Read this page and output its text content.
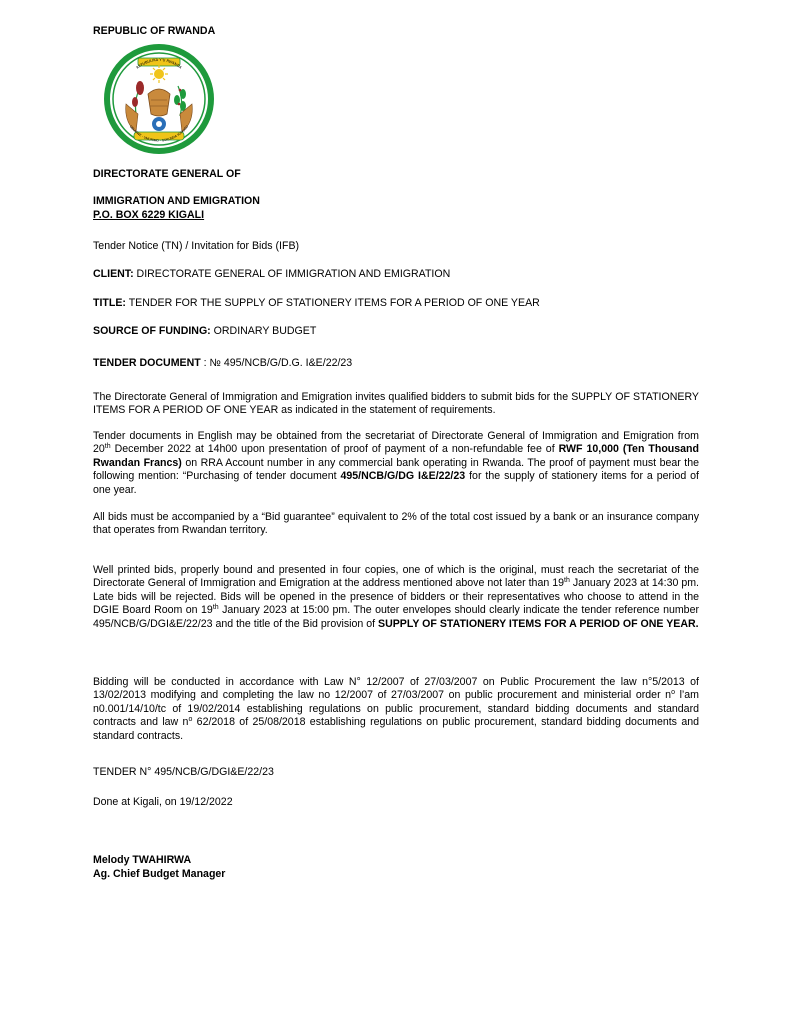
REPUBLIC OF RWANDA
REPUBULIKA Y'U RWANDA
UBUMWE - UMURIMO - GUKUNDA IGIHUGU
DIRECTORATE GENERAL OF
IMMIGRATION AND EMIGRATION
P.O. BOX 6229 KIGALI
Tender Notice (TN) / Invitation for Bids (IFB)
CLIENT: DIRECTORATE GENERAL OF IMMIGRATION AND EMIGRATION
TITLE: TENDER FOR THE SUPPLY OF STATIONERY ITEMS FOR A PERIOD OF ONE YEAR
SOURCE OF FUNDING: ORDINARY BUDGET
TENDER DOCUMENT : № 495/NCB/G/D.G. I&E/22/23
The Directorate General of Immigration and Emigration invites qualified bidders to submit bids for the SUPPLY OF STATIONERY ITEMS FOR A PERIOD OF ONE YEAR as indicated in the statement of requirements.
Tender documents in English may be obtained from the secretariat of Directorate General of Immigration and Emigration from 20th December 2022 at 14h00 upon presentation of proof of payment of a non-refundable fee of RWF 10,000 (Ten Thousand Rwandan Francs) on RRA Account number in any commercial bank operating in Rwanda. The proof of payment must bear the following mention: “Purchasing of tender document 495/NCB/G/DG I&E/22/23 for the supply of stationery items for a period of one year.
All bids must be accompanied by a “Bid guarantee” equivalent to 2% of the total cost issued by a bank or an insurance company that operates from Rwandan territory.
Well printed bids, properly bound and presented in four copies, one of which is the original, must reach the secretariat of the Directorate General of Immigration and Emigration at the address mentioned above not later than 19th January 2023 at 14:30 pm. Late bids will be rejected. Bids will be opened in the presence of bidders or their representatives who choose to attend in the DGIE Board Room on 19th January 2023 at 15:00 pm. The outer envelopes should clearly indicate the tender reference number 495/NCB/G/DGI&E/22/23 and the title of the Bid provision of SUPPLY OF STATIONERY ITEMS FOR A PERIOD OF ONE YEAR.
Bidding will be conducted in accordance with Law N° 12/2007 of 27/03/2007 on Public Procurement the law n°5/2013 of 13/02/2013 modifying and completing the law no 12/2007 of 27/03/2007 on public procurement and ministerial order $n^o$ l’am n0.001/14/10/tc of 19/02/2014 establishing regulations on public procurement, standard bidding documents and standard contracts and law $n^o$ 62/2018 of 25/08/2018 establishing regulations on public procurement, standard bidding documents and standard contracts.
TENDER N° 495/NCB/G/DGI&E/22/23
Done at Kigali, on 19/12/2022
Melody TWAHIRWA
Ag. Chief Budget Manager
